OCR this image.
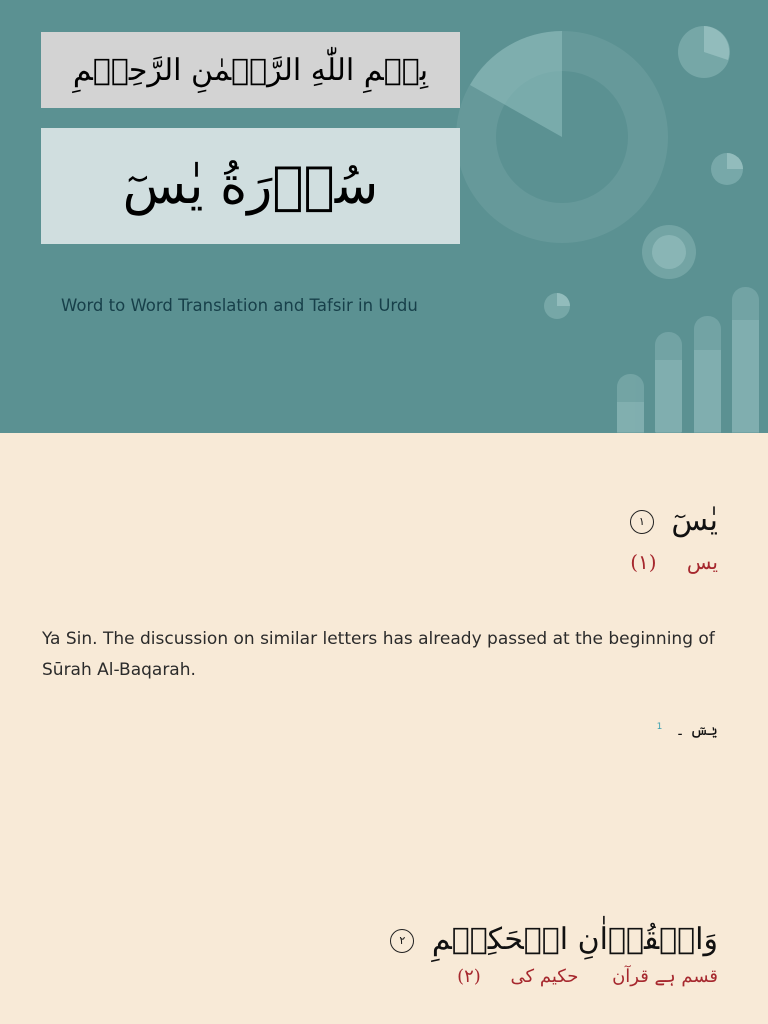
بِسۡمِ اللّٰهِ الرَّحۡمٰنِ الرَّحِيۡمِ
سُوۡرَةُ يٰسٓ
Word to Word Translation and Tafsir in Urdu
يٰسٓ ١
يس (۱)
Ya Sin. The discussion on similar letters has already passed at the beginning of Sūrah Al-Baqarah.
يٰسٓ ۔ $^1$
وَالۡقُرۡاٰنِ الۡحَكِيۡمِ ٢
قسم ہے قرآن حکیم کی (۲)
